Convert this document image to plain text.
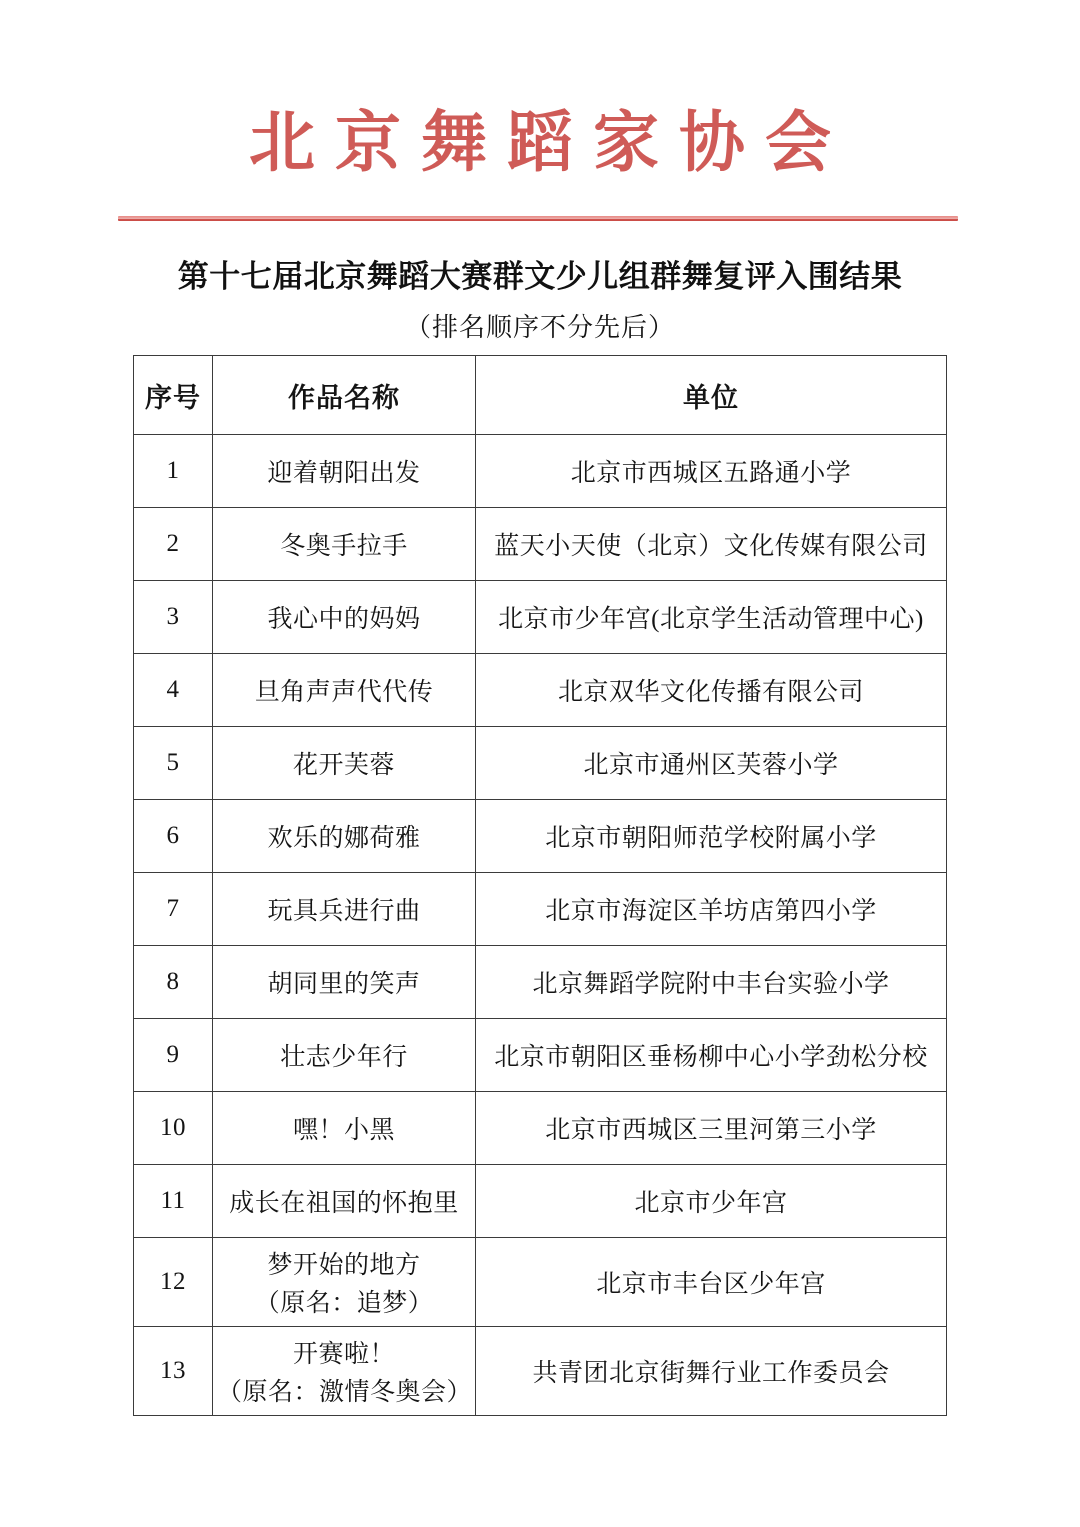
北京舞蹈家协会
第十七届北京舞蹈大赛群文少儿组群舞复评入围结果
（排名顺序不分先后）
序号	作品名称	单位
1	迎着朝阳出发	北京市西城区五路通小学
2	冬奥手拉手	蓝天小天使（北京）文化传媒有限公司
3	我心中的妈妈	北京市少年宫(北京学生活动管理中心)
4	旦角声声代代传	北京双华文化传播有限公司
5	花开芙蓉	北京市通州区芙蓉小学
6	欢乐的娜荷雅	北京市朝阳师范学校附属小学
7	玩具兵进行曲	北京市海淀区羊坊店第四小学
8	胡同里的笑声	北京舞蹈学院附中丰台实验小学
9	壮志少年行	北京市朝阳区垂杨柳中心小学劲松分校
10	嘿！小黑	北京市西城区三里河第三小学
11	成长在祖国的怀抱里	北京市少年宫
12	梦开始的地方
（原名：追梦）	北京市丰台区少年宫
13	开赛啦！
（原名：激情冬奥会）	共青团北京街舞行业工作委员会
